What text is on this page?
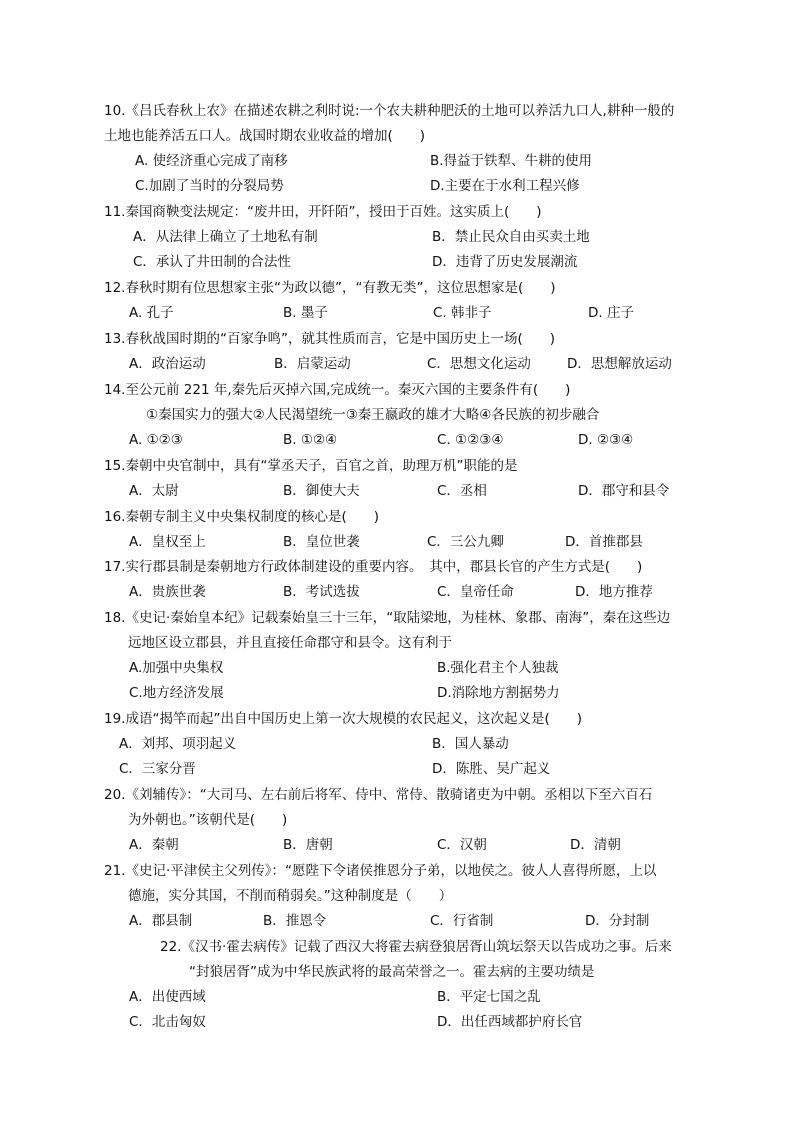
10.《吕氏春秋上农》在描述农耕之利时说:一个农夫耕种肥沃的土地可以养活九口人,耕种一般的
土地也能养活五口人。战国时期农业收益的增加(　　)
A. 使经济重心完成了南移	B.得益于铁犁、牛耕的使用
C.加剧了当时的分裂局势	D.主要在于水利工程兴修
11.秦国商鞅变法规定：“废井田，开阡陌”，授田于百姓。这实质上(　　)
A．从法律上确立了土地私有制	B．禁止民众自由买卖土地
C．承认了井田制的合法性	D．违背了历史发展潮流
12.春秋时期有位思想家主张“为政以德”，“有教无类”，这位思想家是(　　)
A. 孔子	B. 墨子	C. 韩非子	D. 庄子
13.春秋战国时期的“百家争鸣”，就其性质而言，它是中国历史上一场(　　)
A．政治运动	B．启蒙运动	C．思想文化运动	D．思想解放运动
14.至公元前 221 年,秦先后灭掉六国,完成统一。秦灭六国的主要条件有(　　)
①秦国实力的强大②人民渴望统一③秦王嬴政的雄才大略④各民族的初步融合
A. ①②③	B. ①②④	C. ①②③④	D. ②③④
15.秦朝中央官制中，具有“掌丞天子，百官之首，助理万机”职能的是
A．太尉	B．御使大夫	C．丞相	D．郡守和县令
16.秦朝专制主义中央集权制度的核心是(　　)
A．皇权至上	B．皇位世袭	C．三公九卿	D．首推郡县
17.实行郡县制是秦朝地方行政体制建设的重要内容。　其中，郡县长官的产生方式是(　　)
A．贵族世袭	B．考试选拔	C．皇帝任命	D．地方推荐
18.《史记·秦始皇本纪》记载秦始皇三十三年，“取陆梁地，为桂林、象郡、南海”，秦在这些边
远地区设立郡县，并且直接任命郡守和县令。这有利于
A.加强中央集权	B.强化君主个人独裁
C.地方经济发展	D.消除地方割据势力
19.成语“揭竿而起”出自中国历史上第一次大规模的农民起义，这次起义是(　　)
A．刘邦、项羽起义	B．国人暴动
C．三家分晋	D．陈胜、吴广起义
20.《刘辅传》：“大司马、左右前后将军、侍中、常侍、散骑诸吏为中朝。丞相以下至六百石
为外朝也。”该朝代是(　　)
A．秦朝	B．唐朝	C．汉朝	D．清朝
21.《史记·平津侯主父列传》：“愿陛下令诸侯推恩分子弟，以地侯之。彼人人喜得所愿，上以
德施，实分其国，不削而稍弱矣。”这种制度是（　　）
A．郡县制	B．推恩令	C．行省制	D．分封制
22.《汉书·霍去病传》记载了西汉大将霍去病登狼居胥山筑坛祭天以告成功之事。后来
“封狼居胥”成为中华民族武将的最高荣誉之一。霍去病的主要功绩是
A．出使西域	B．平定七国之乱
C．北击匈奴	D．出任西域都护府长官
